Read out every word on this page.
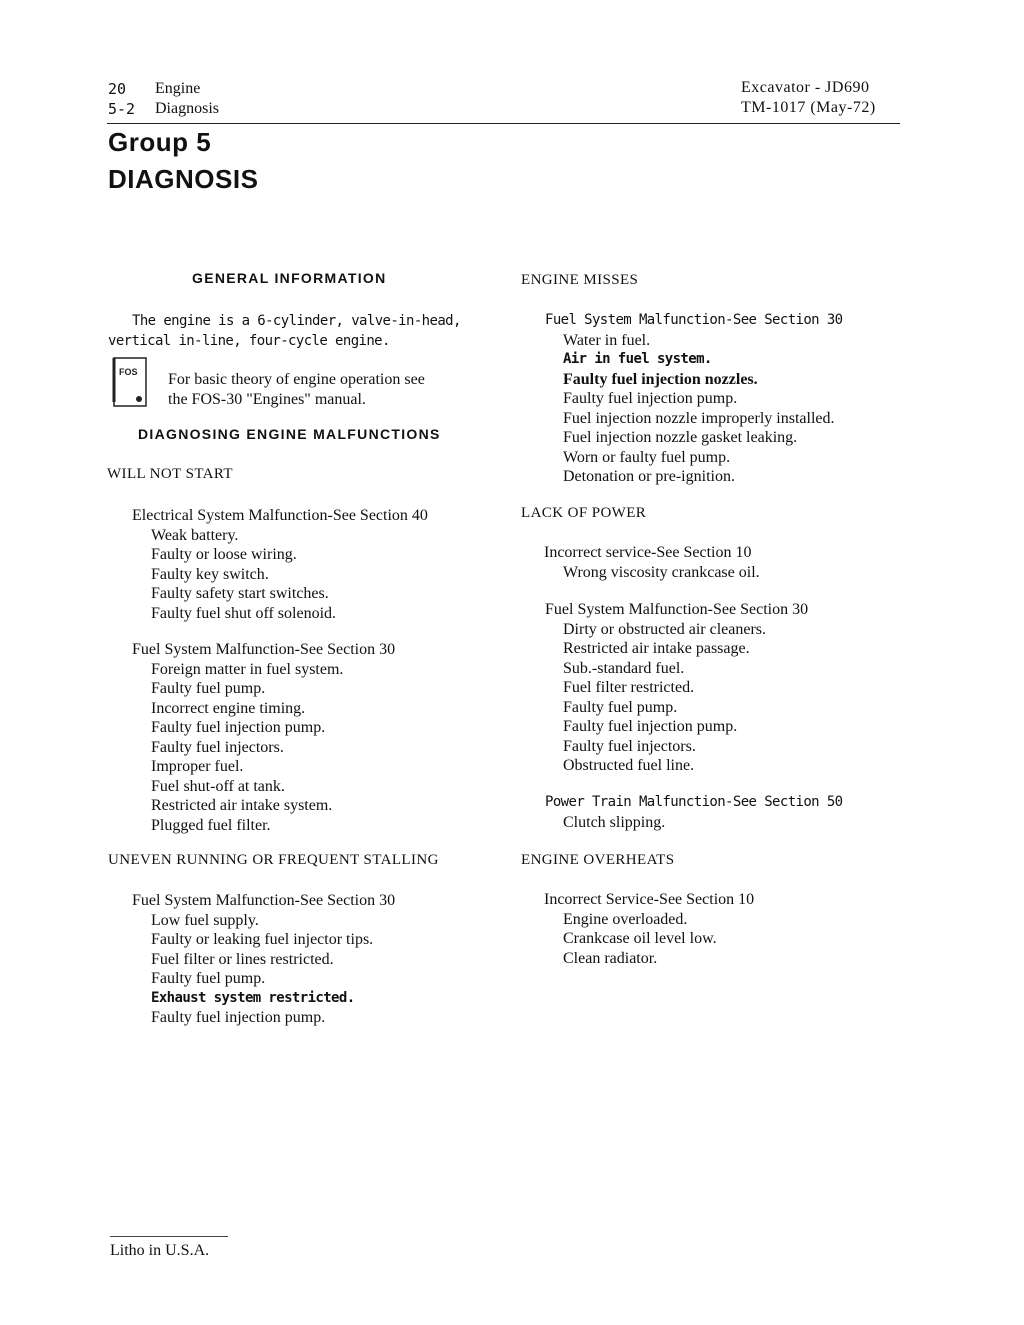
20 Engine
5-2 Diagnosis
Excavator - JD690
TM-1017 (May-72)
Group 5
DIAGNOSIS
GENERAL INFORMATION
The engine is a 6-cylinder, valve-in-head,
vertical in-line, four-cycle engine.
FOS For basic theory of engine operation see
the FOS-30 "Engines" manual.
DIAGNOSING ENGINE MALFUNCTIONS
WILL NOT START
Electrical System Malfunction-See Section 40
Weak battery.
Faulty or loose wiring.
Faulty key switch.
Faulty safety start switches.
Faulty fuel shut off solenoid.
Fuel System Malfunction-See Section 30
Foreign matter in fuel system.
Faulty fuel pump.
Incorrect engine timing.
Faulty fuel injection pump.
Faulty fuel injectors.
Improper fuel.
Fuel shut-off at tank.
Restricted air intake system.
Plugged fuel filter.
UNEVEN RUNNING OR FREQUENT STALLING
Fuel System Malfunction-See Section 30
Low fuel supply.
Faulty or leaking fuel injector tips.
Fuel filter or lines restricted.
Faulty fuel pump.
Exhaust system restricted.
Faulty fuel injection pump.
ENGINE MISSES
Fuel System Malfunction-See Section 30
Water in fuel.
Air in fuel system.
Faulty fuel injection nozzles.
Faulty fuel injection pump.
Fuel injection nozzle improperly installed.
Fuel injection nozzle gasket leaking.
Worn or faulty fuel pump.
Detonation or pre-ignition.
LACK OF POWER
Incorrect service-See Section 10
Wrong viscosity crankcase oil.
Fuel System Malfunction-See Section 30
Dirty or obstructed air cleaners.
Restricted air intake passage.
Sub.-standard fuel.
Fuel filter restricted.
Faulty fuel pump.
Faulty fuel injection pump.
Faulty fuel injectors.
Obstructed fuel line.
Power Train Malfunction-See Section 50
Clutch slipping.
ENGINE OVERHEATS
Incorrect Service-See Section 10
Engine overloaded.
Crankcase oil level low.
Clean radiator.
Litho in U.S.A.
